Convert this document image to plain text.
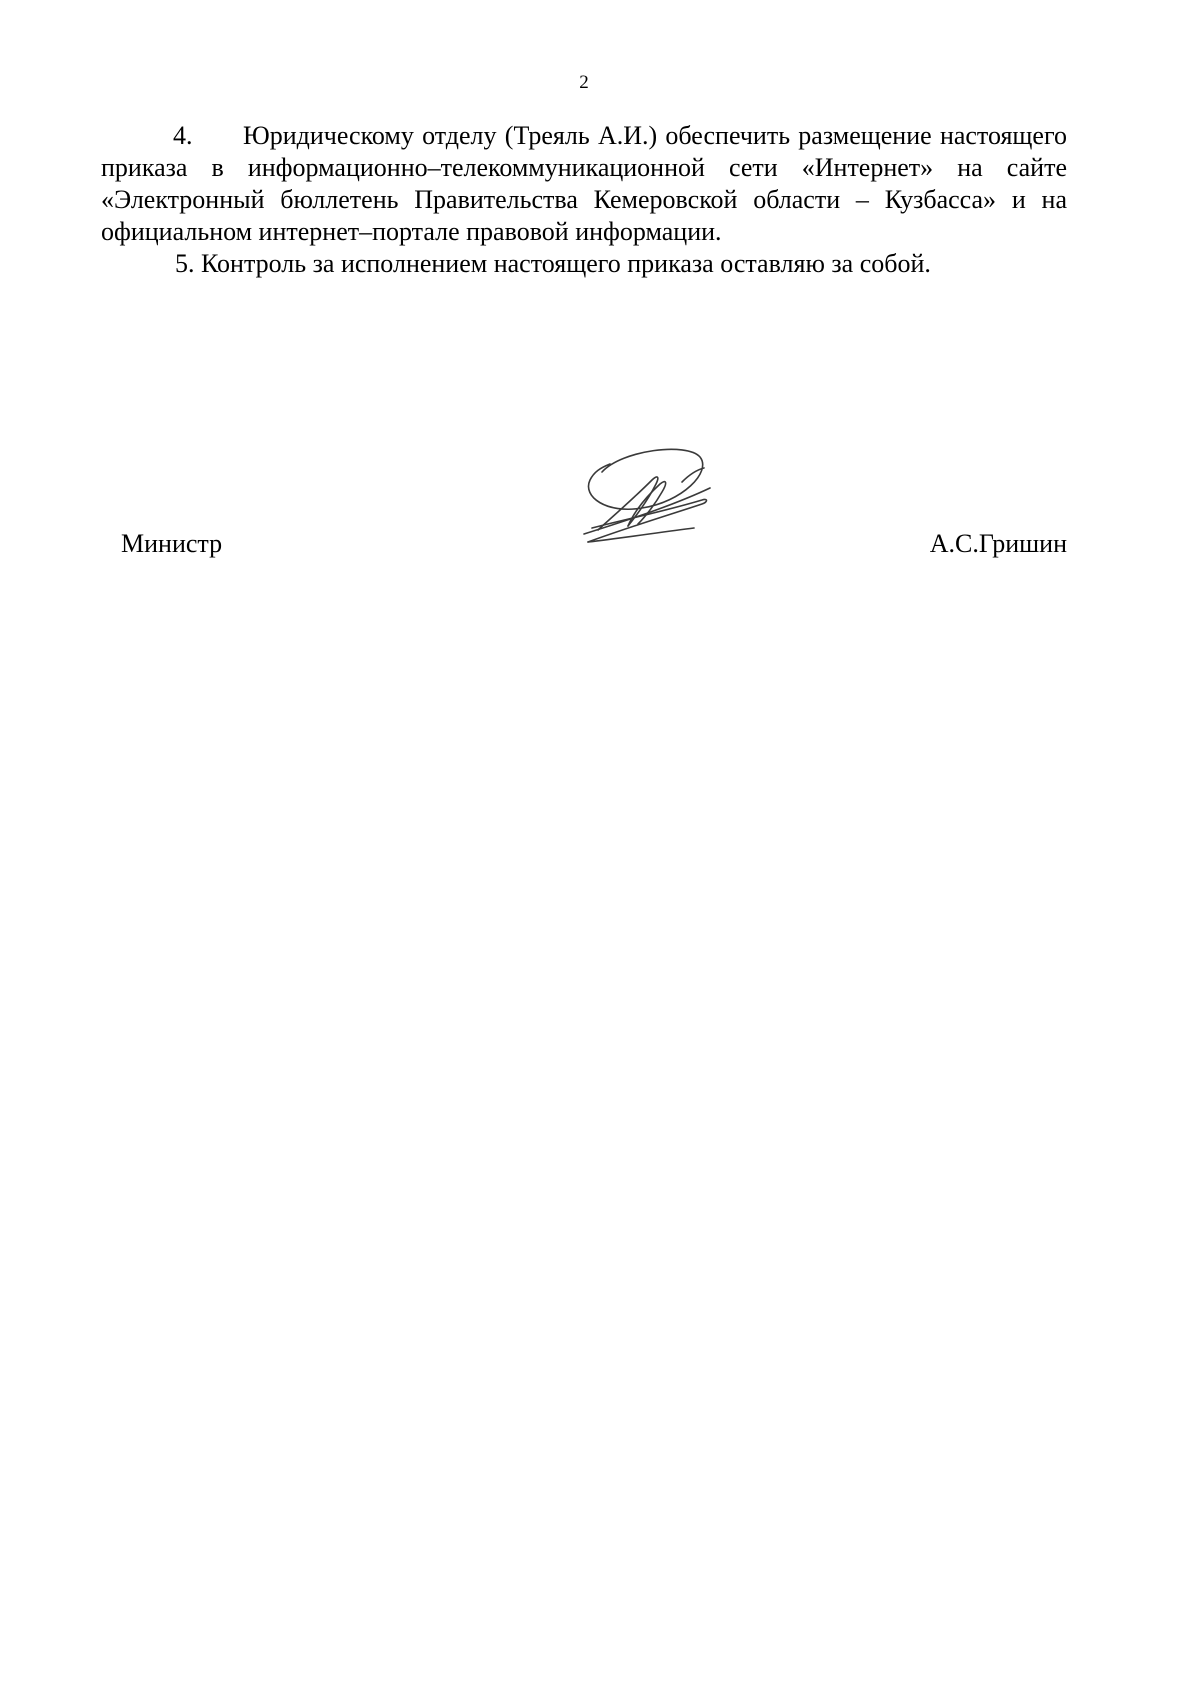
2

4. Юридическому отделу (Трeяль А.И.) обеспечить размещение настоящего приказа в информационно–телекоммуникационной сети «Интернет» на сайте «Электронный бюллетень Правительства Кемеровской области – Кузбасса» и на официальном интернет–портале правовой информации.

5. Контроль за исполнением настоящего приказа оставляю за собой.

Министр	А.С.Гришин
